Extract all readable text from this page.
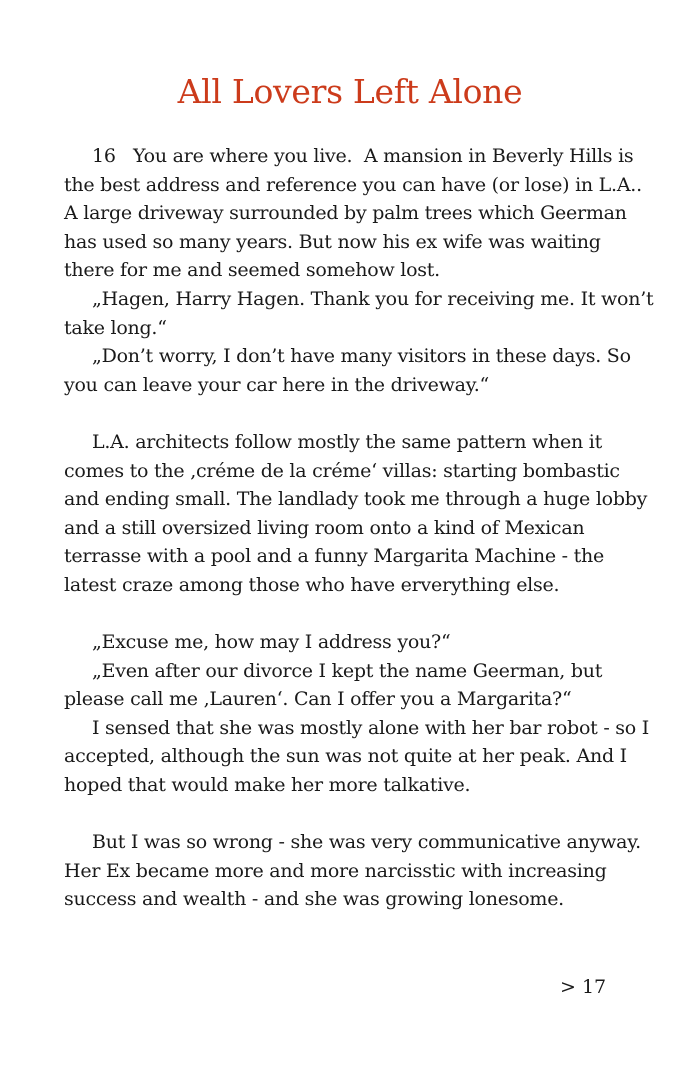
All Lovers Left Alone

16   You are where you live.  A mansion in Beverly Hills is the best address and reference you can have (or lose) in L.A.. A large driveway surrounded by palm trees which Geerman has used so many years. But now his ex wife was waiting there for me and seemed somehow lost.

„Hagen, Harry Hagen. Thank you for receiving me. It won’t take long.“

„Don’t worry, I don’t have many visitors in these days. So you can leave your car here in the driveway.“

L.A. architects follow mostly the same pattern when it comes to the ‚créme de la créme‘ villas: starting bombastic and ending small. The landlady took me through a huge lobby and a still oversized living room onto a kind of Mexican terrasse with a pool and a funny Margarita Machine - the latest craze among those who have erverything else.

„Excuse me, how may I address you?“

„Even after our divorce I kept the name Geerman, but please call me ‚Lauren‘. Can I offer you a Margarita?“

I sensed that she was mostly alone with her bar robot - so I accepted, although the sun was not quite at her peak. And I hoped that would make her more talkative.

But I was so wrong - she was very communicative anyway. Her Ex became more and more narcisstic with increasing success and wealth - and she was growing lonesome.

> 17
